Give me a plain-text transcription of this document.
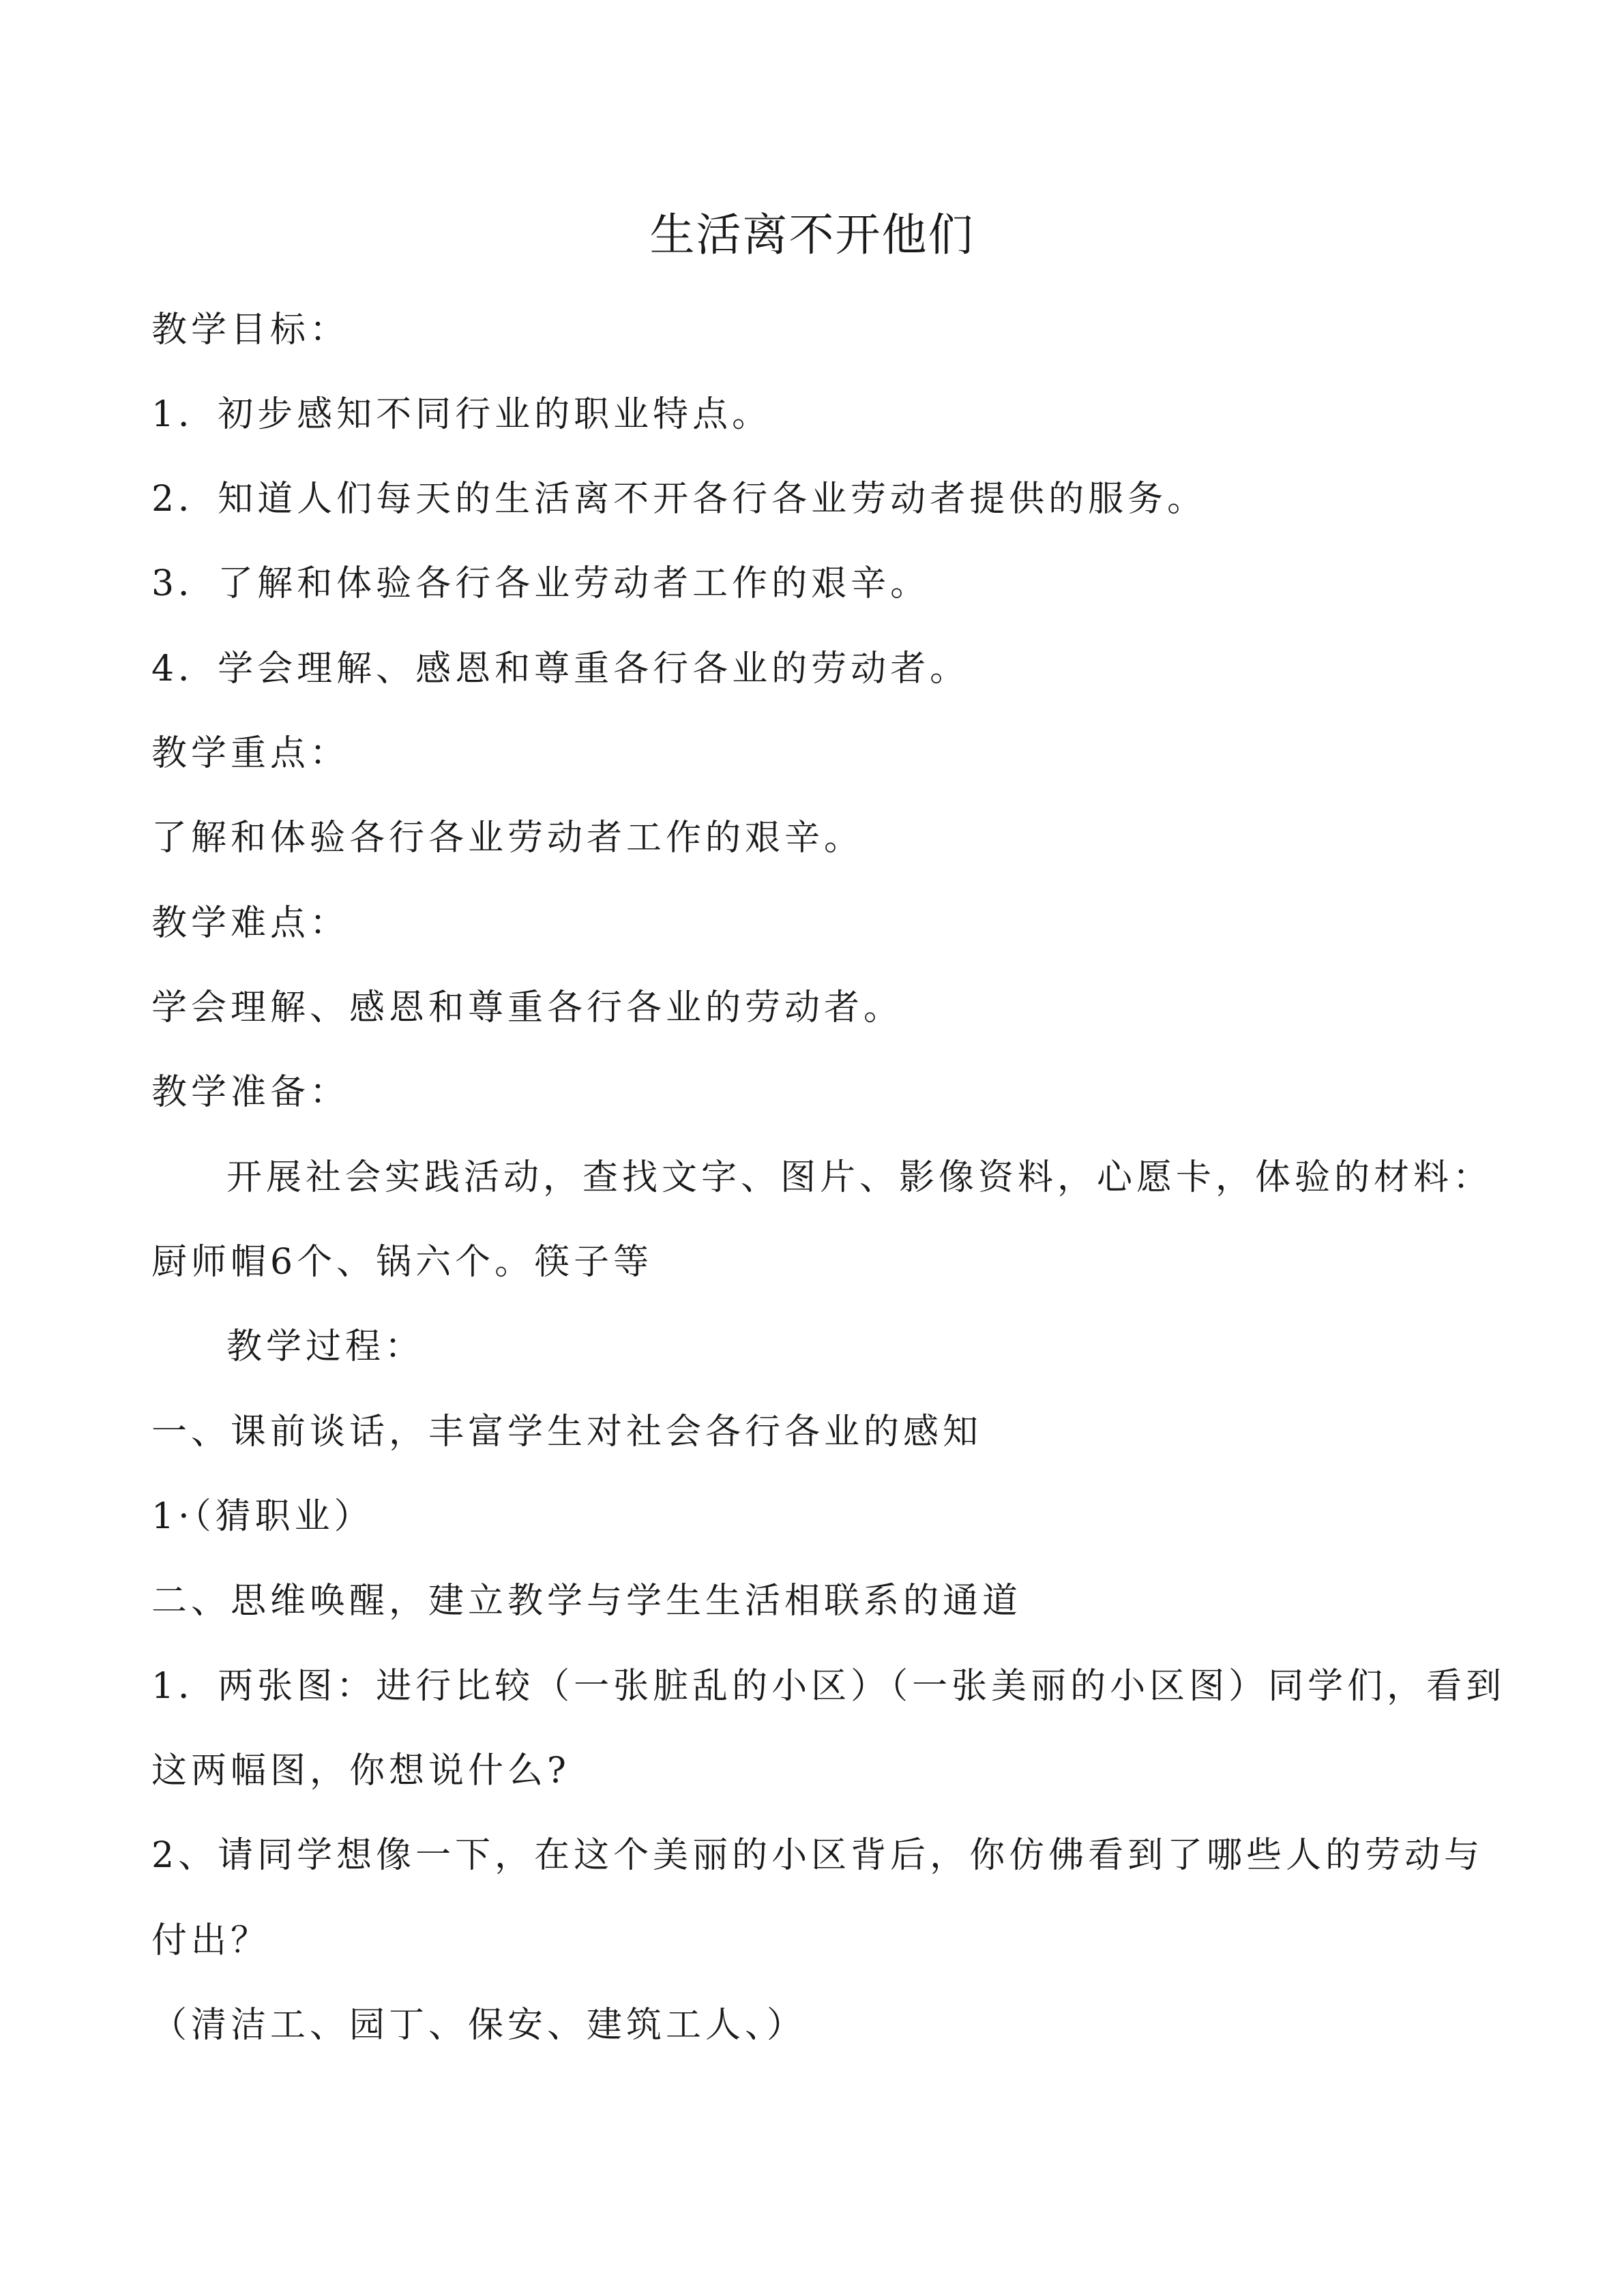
生活离不开他们
教学目标：
1．初步感知不同行业的职业特点。
2．知道人们每天的生活离不开各行各业劳动者提供的服务。
3．了解和体验各行各业劳动者工作的艰辛。
4．学会理解、感恩和尊重各行各业的劳动者。
教学重点：
了解和体验各行各业劳动者工作的艰辛。
教学难点：
学会理解、感恩和尊重各行各业的劳动者。
教学准备：
开展社会实践活动，查找文字、图片、影像资料，心愿卡，体验的材料：
厨师帽6个、锅六个。筷子等
教学过程：
一、课前谈话，丰富学生对社会各行各业的感知
1·（猜职业）
二、思维唤醒，建立教学与学生生活相联系的通道
1．两张图：进行比较（一张脏乱的小区）（一张美丽的小区图）同学们，看到
这两幅图，你想说什么?
2、请同学想像一下，在这个美丽的小区背后，你仿佛看到了哪些人的劳动与
付出？
（清洁工、园丁、保安、建筑工人、）
